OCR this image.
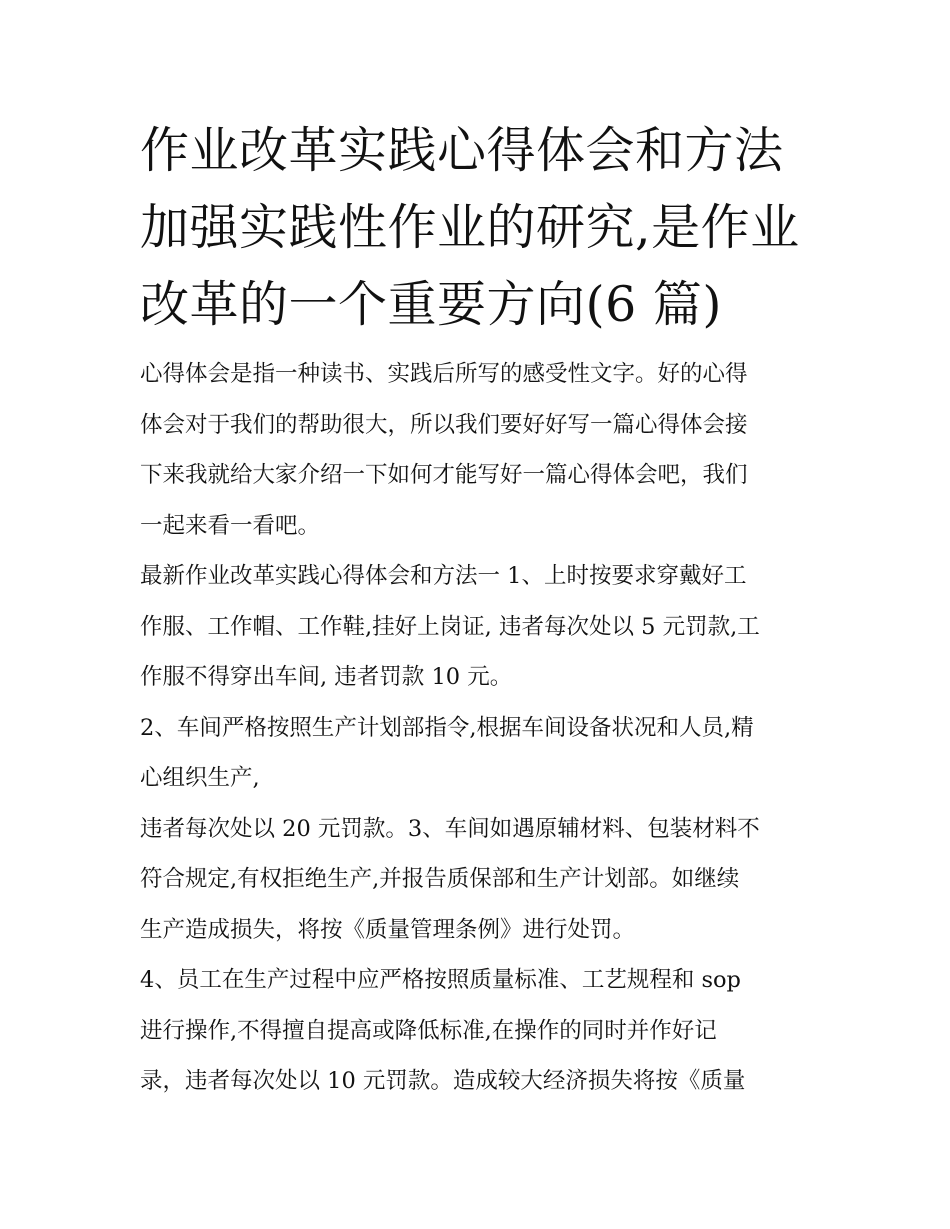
作业改革实践心得体会和方法
加强实践性作业的研究,是作业
改革的一个重要方向(6 篇)

心得体会是指一种读书、实践后所写的感受性文字。好的心得
体会对于我们的帮助很大，所以我们要好好写一篇心得体会接
下来我就给大家介绍一下如何才能写好一篇心得体会吧，我们
一起来看一看吧。

最新作业改革实践心得体会和方法一 1、上时按要求穿戴好工
作服、工作帽、工作鞋,挂好上岗证, 违者每次处以 5 元罚款,工
作服不得穿出车间, 违者罚款 10 元。

2、车间严格按照生产计划部指令,根据车间设备状况和人员,精
心组织生产,

违者每次处以 20 元罚款。3、车间如遇原辅材料、包装材料不
符合规定,有权拒绝生产,并报告质保部和生产计划部。如继续
生产造成损失，将按《质量管理条例》进行处罚。

4、员工在生产过程中应严格按照质量标准、工艺规程和 sop
进行操作,不得擅自提高或降低标准,在操作的同时并作好记
录，违者每次处以 10 元罚款。造成较大经济损失将按《质量
